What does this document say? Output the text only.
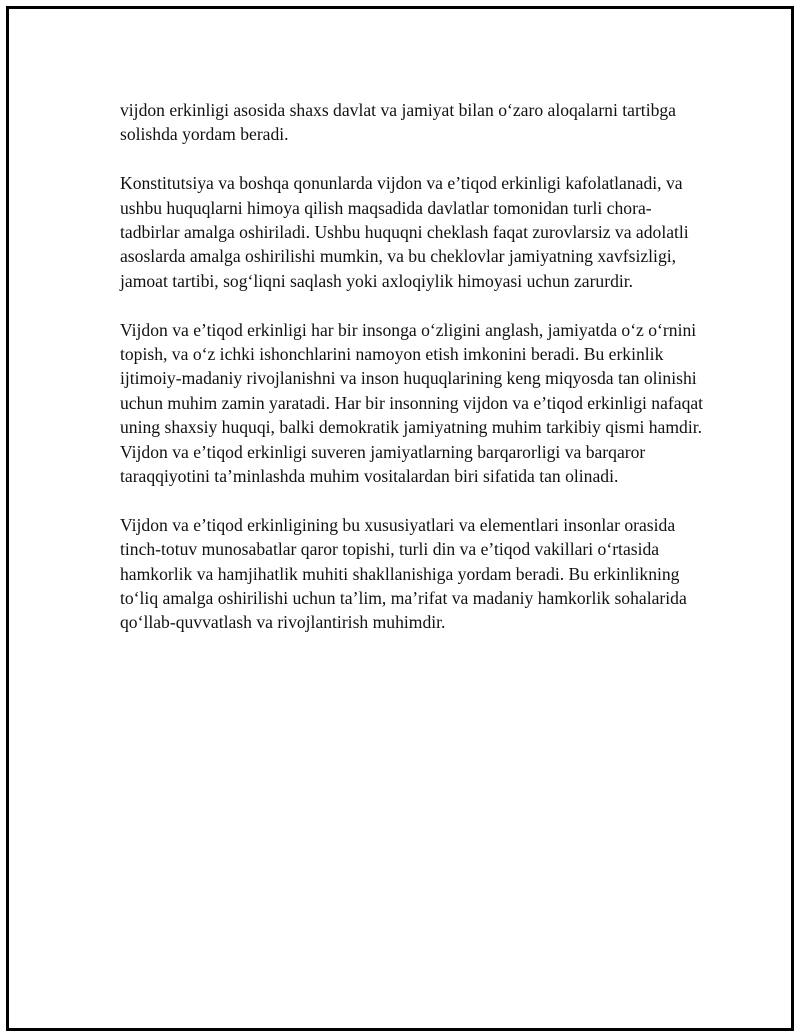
vijdon erkinligi asosida shaxs davlat va jamiyat bilan o‘zaro aloqalarni tartibga solishda yordam beradi.

Konstitutsiya va boshqa qonunlarda vijdon va e’tiqod erkinligi kafolatlanadi, va ushbu huquqlarni himoya qilish maqsadida davlatlar tomonidan turli chora-tadbirlar amalga oshiriladi. Ushbu huquqni cheklash faqat zurovlarsiz va adolatli asoslarda amalga oshirilishi mumkin, va bu cheklovlar jamiyatning xavfsizligi, jamoat tartibi, sog‘liqni saqlash yoki axloqiylik himoyasi uchun zarurdir.

Vijdon va e’tiqod erkinligi har bir insonga o‘zligini anglash, jamiyatda o‘z o‘rnini topish, va o‘z ichki ishonchlarini namoyon etish imkonini beradi. Bu erkinlik ijtimoiy-madaniy rivojlanishni va inson huquqlarining keng miqyosda tan olinishi uchun muhim zamin yaratadi. Har bir insonning vijdon va e’tiqod erkinligi nafaqat uning shaxsiy huquqi, balki demokratik jamiyatning muhim tarkibiy qismi hamdir. Vijdon va e’tiqod erkinligi suveren jamiyatlarning barqarorligi va barqaror taraqqiyotini ta’minlashda muhim vositalardan biri sifatida tan olinadi.

Vijdon va e’tiqod erkinligining bu xususiyatlari va elementlari insonlar orasida tinch-totuv munosabatlar qaror topishi, turli din va e’tiqod vakillari o‘rtasida hamkorlik va hamjihatlik muhiti shakllanishiga yordam beradi. Bu erkinlikning to‘liq amalga oshirilishi uchun ta’lim, ma’rifat va madaniy hamkorlik sohalarida qo‘llab-quvvatlash va rivojlantirish muhimdir.
